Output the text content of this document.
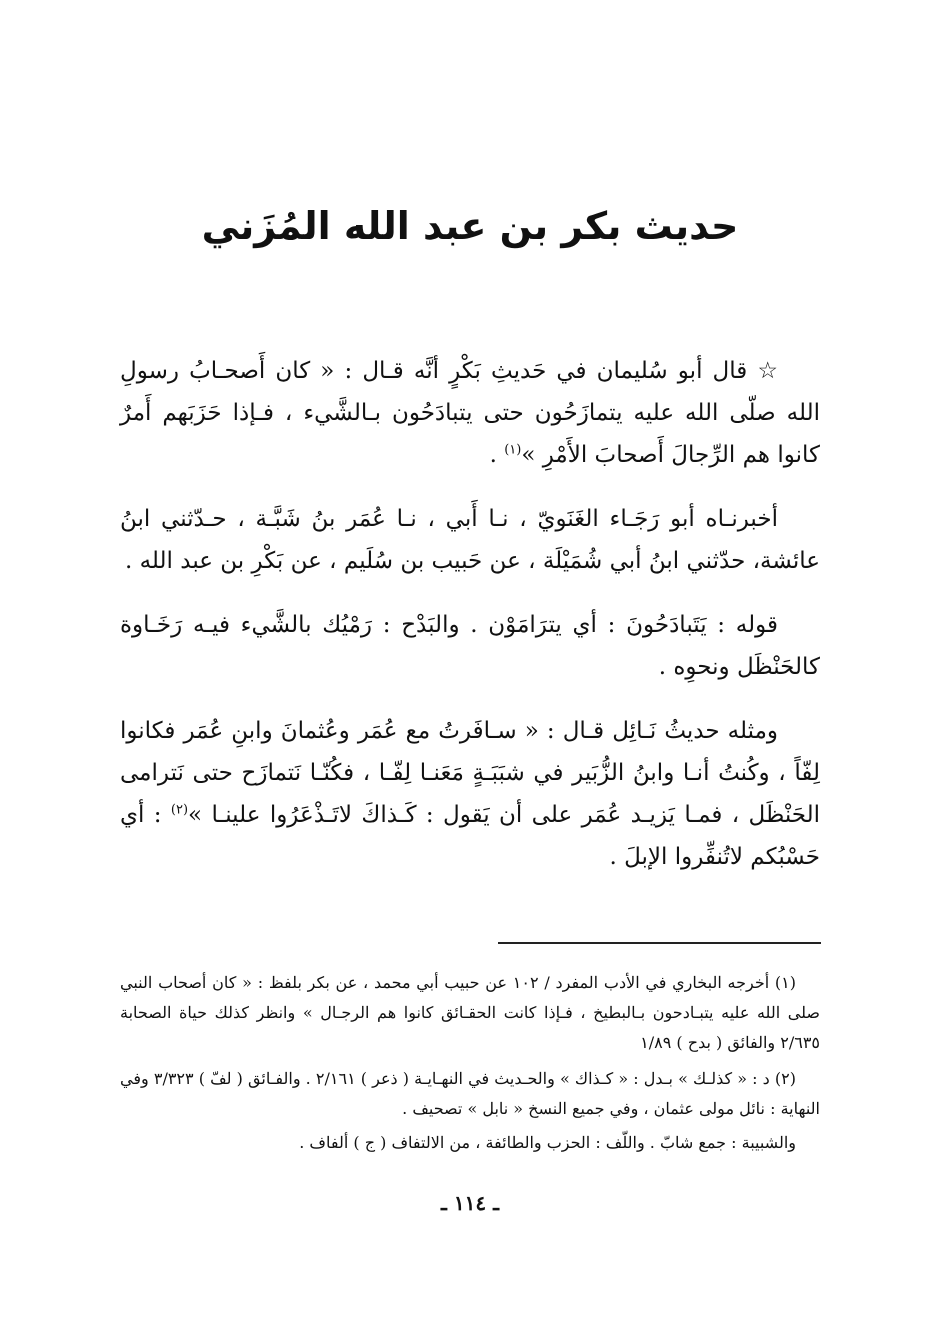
حديث بكر بن عبد الله المُزَني

☆ قال أبو سُليمان في حَديثِ بَكْرٍ أنَّه قـال : « كان أَصحـابُ رسولِ الله صلّى الله عليه يتمازَحُون حتى يتبادَحُون بـالشَّيء ، فـإذا حَزَبَهم أَمرٌ كانوا هم الرِّجالَ أَصحابَ الأَمْرِ »$^{(١)}$ .

أخبرنـاه أبو رَجَـاء الغَنَويّ ، نـا أَبي ، نـا عُمَر بنُ شَبَّـة ، حـدّثني ابنُ عائشة، حدّثني ابنُ أبي شُمَيْلَة ، عن حَبيب بن سُلَيم ، عن بَكْرِ بن عبد الله .

قوله : يَتَبادَحُونَ : أي يترَامَوْن . والبَدْح : رَمْيُك بالشَّيء فيـه رَخَـاوة كالحَنْظَل ونحوِه .

ومثله حديثُ نَـائِل قـال : « سـافَرتُ مع عُمَر وعُثمانَ وابنِ عُمَر فكانوا لِفّاً ، وكُنتُ أنـا وابنُ الزُّبَير في شبَبَـةٍ مَعَنـا لِفّـا ، فكُنّـا نَتمازَح حتى نَترامى الحَنْظَل ، فمـا يَزيـد عُمَر على أن يَقول : كَـذاكَ لاتَـذْعَرُوا علينـا »$^{(٢)}$ : أي حَسْبُكم لاتُنفِّروا الإبلَ .

(١) أخرجه البخاري في الأدب المفرد / ١٠٢ عن حبيب أبي محمد ، عن بكر بلفظ : « كان أصحاب النبي صلى الله عليه يتبـادحون بـالبطيخ ، فـإذا كانت الحقـائق كانوا هم الرجـال » وانظر كذلك حياة الصحابة ٢/٦٣٥ والفائق ( بدح ) ١/٨٩

(٢) د : « كذلـك » بـدل : « كـذاك » والحـديث في النهـايـة ( ذعر ) ٢/١٦١ . والفـائق ( لفّ ) ٣/٣٢٣ وفي النهاية : نائل مولى عثمان ، وفي جميع النسخ « نابل » تصحيف .

والشبيبة : جمع شابّ . واللّف : الحزب والطائفة ، من الالتفاف ( ج ) ألفاف .

ـ ١١٤ ـ
